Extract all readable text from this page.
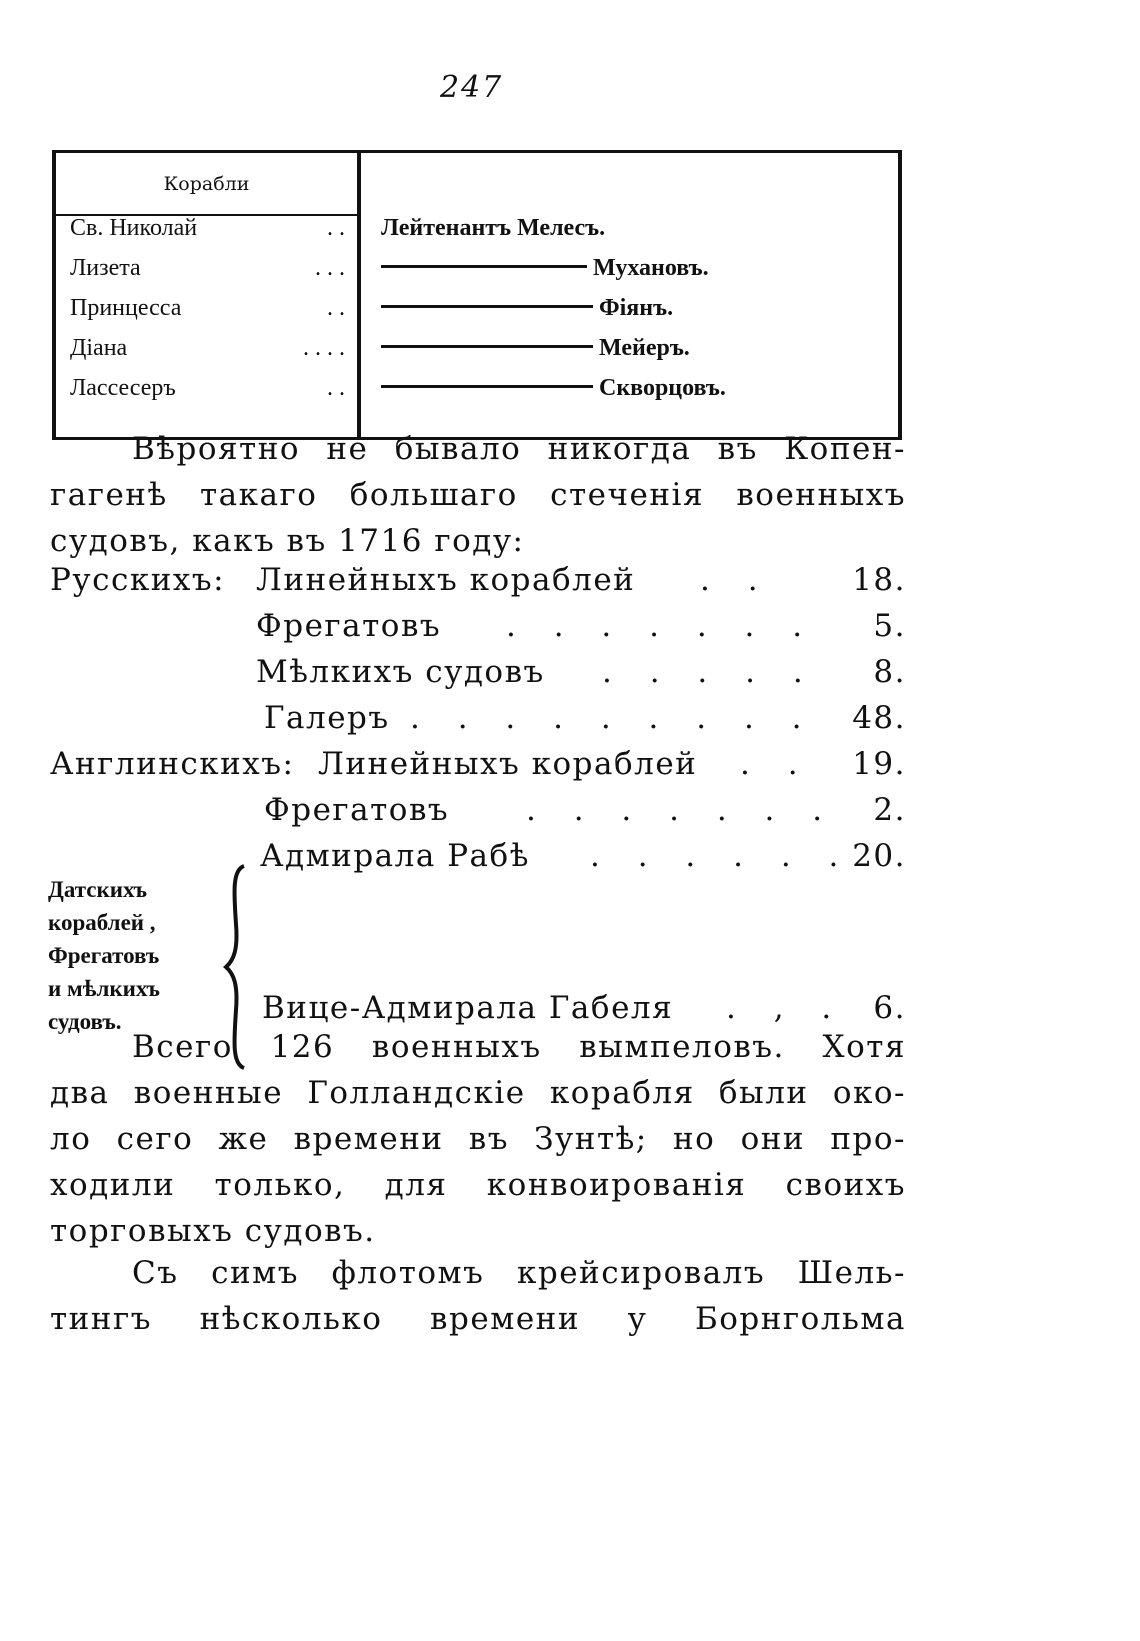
247
Корабли
Св. Николай	. . Лейтенантъ Мелесъ.
Лизета	. . .	Мухановъ.
Принцесса	. .	Фіянъ.
Діана	. . . .	Мейеръ.
Лассесеръ	. .	Скворцовъ.
Вѣроятно не бывало никогда въ Копен-
гагенѣ такаго большаго стеченія военныхъ
судовъ, какъ въ 1716 году:
Русскихъ: Линейныхъ кораблей . .	18.
Фрегатовъ . . . . . . . 5.
Мѣлкихъ судовъ . . . . . 8.
Галеръ . . . . . . . . . 48.
Англинскихъ: Линейныхъ кораблей . . 19.
Фрегатовъ . . . . . . . 2.
Адмирала Рабѣ . . . . . . 20.
Вице-Адмирала Габеля . , . 6.
Датскихъ
кораблей ,
Фрегатовъ
и мѣлкихъ
судовъ.
Всего 126 военныхъ вымпеловъ. Хотя
два военные Голландскіе корабля были око-
ло сего же времени въ Зунтѣ; но они про-
ходили только, для конвоированія своихъ
торговыхъ судовъ.
Съ симъ флотомъ крейсировалъ Шель-
тингъ нѣсколько времени у Борнгольма
